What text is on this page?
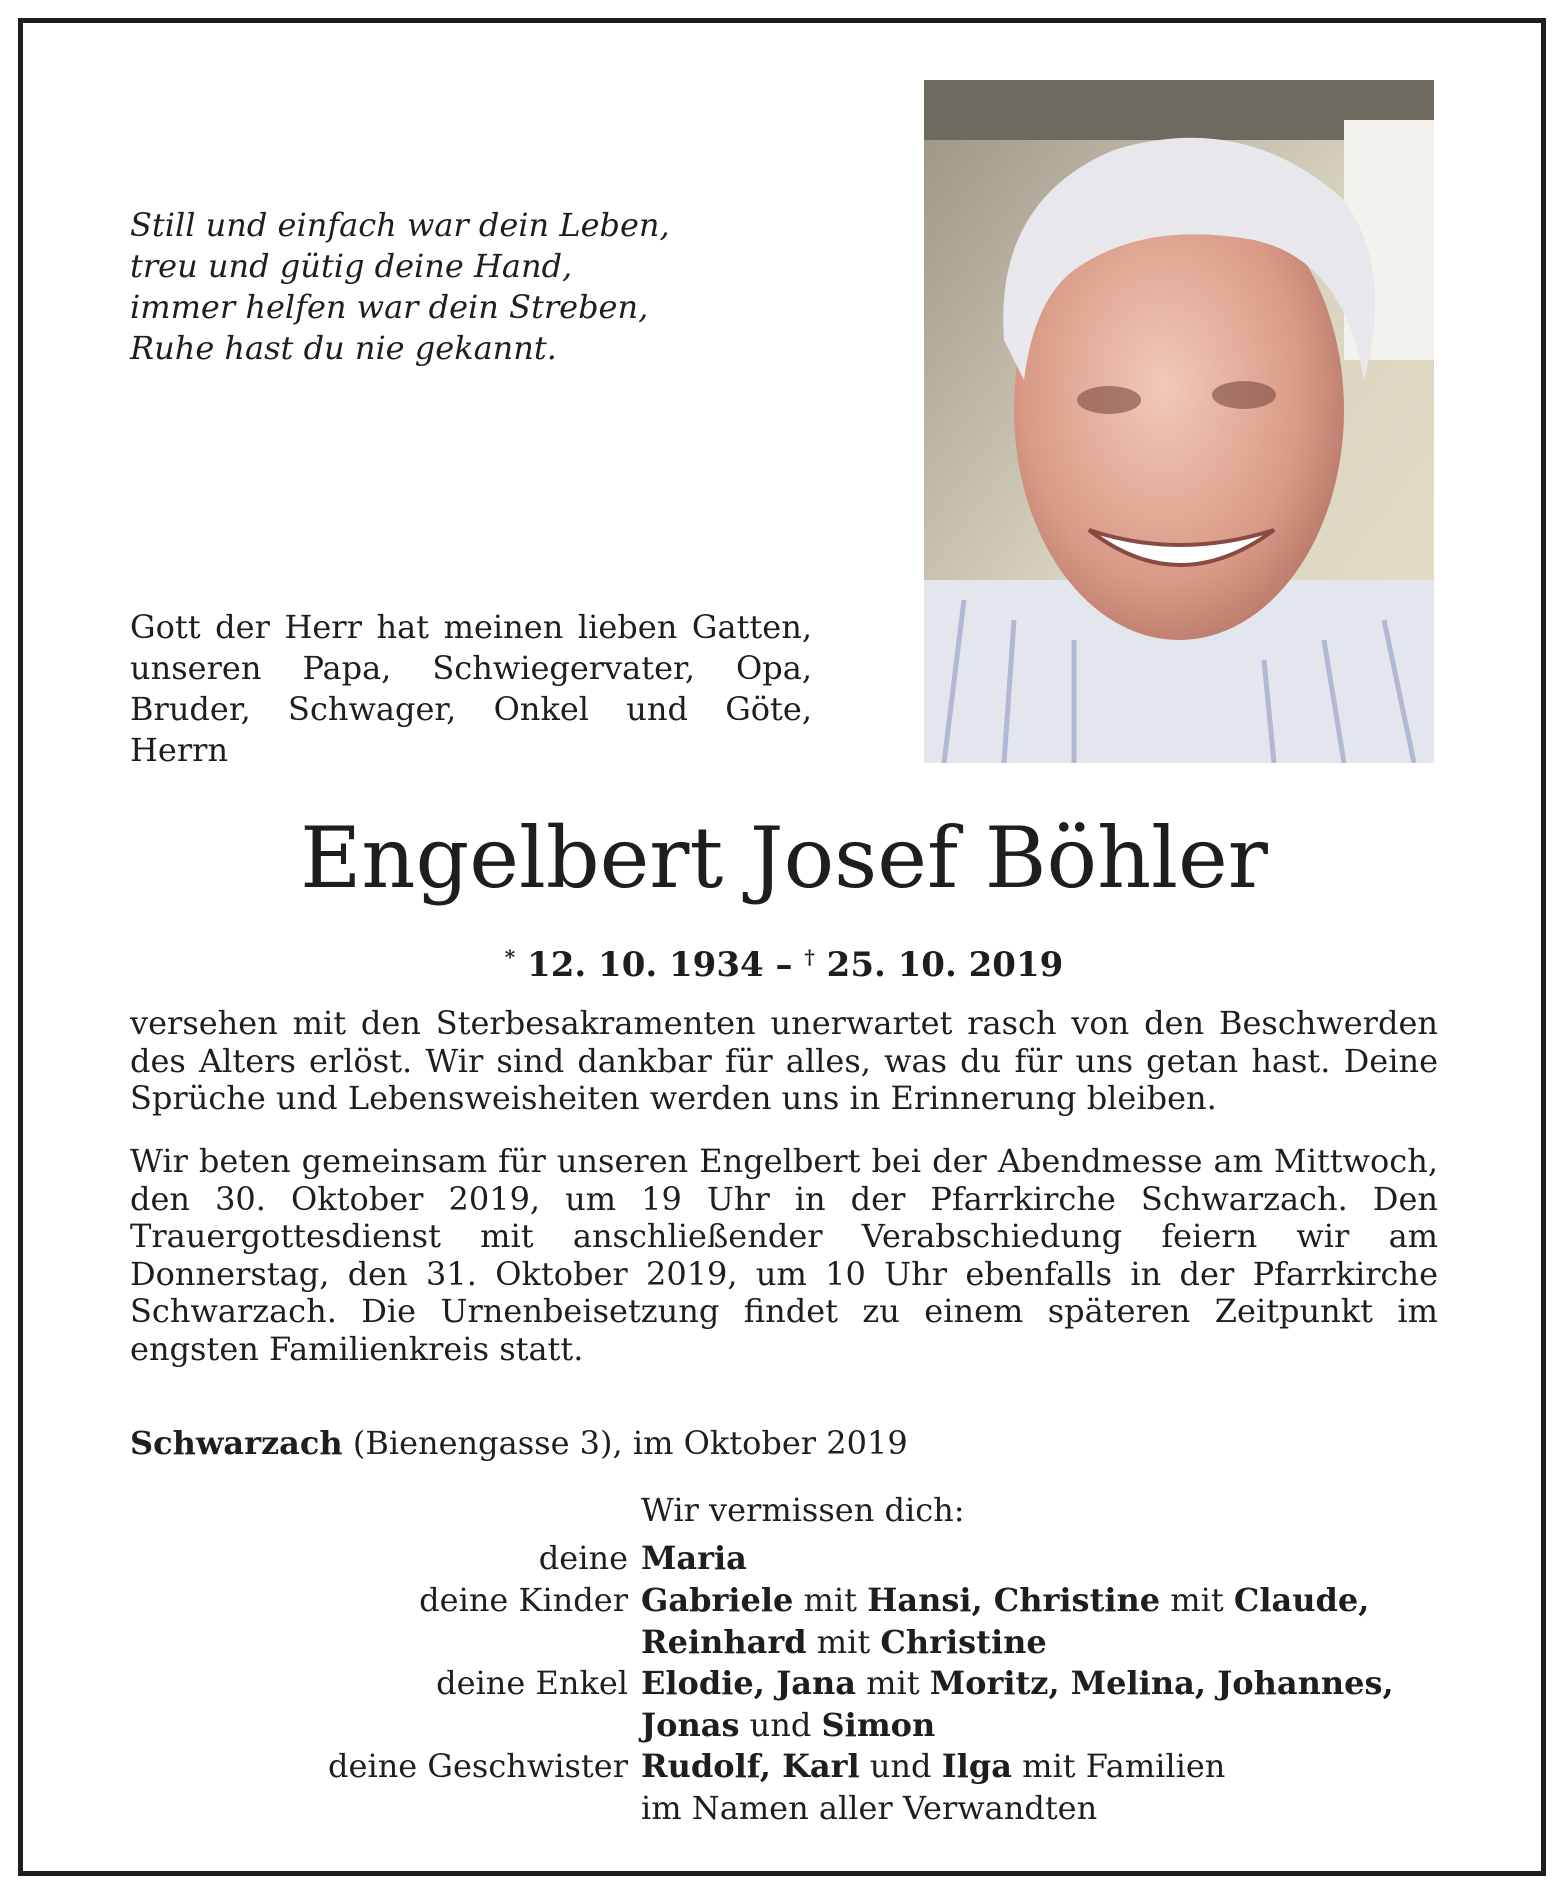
Still und einfach war dein Leben,
treu und gütig deine Hand,
immer helfen war dein Streben,
Ruhe hast du nie gekannt.

Gott der Herr hat meinen lieben Gatten, unseren Papa, Schwiegervater, Opa, Bruder, Schwager, Onkel und Göte,

Herrn

Engelbert Josef Böhler

* 12. 10. 1934 – † 25. 10. 2019

versehen mit den Sterbesakramenten unerwartet rasch von den Beschwerden des Alters erlöst. Wir sind dankbar für alles, was du für uns getan hast. Deine Sprüche und Lebensweisheiten werden uns in Erinnerung bleiben.

Wir beten gemeinsam für unseren Engelbert bei der Abendmesse am Mittwoch, den 30. Oktober 2019, um 19 Uhr in der Pfarrkirche Schwarzach. Den Trauergottesdienst mit anschließender Verabschiedung feiern wir am Donnerstag, den 31. Oktober 2019, um 10 Uhr ebenfalls in der Pfarrkirche Schwarzach. Die Urnenbeisetzung findet zu einem späteren Zeitpunkt im engsten Familienkreis statt.

Schwarzach (Bienengasse 3), im Oktober 2019

Wir vermissen dich:

deine Maria
deine Kinder Gabriele mit Hansi, Christine mit Claude,
Reinhard mit Christine
deine Enkel Elodie, Jana mit Moritz, Melina, Johannes,
Jonas und Simon
deine Geschwister Rudolf, Karl und Ilga mit Familien
im Namen aller Verwandten
